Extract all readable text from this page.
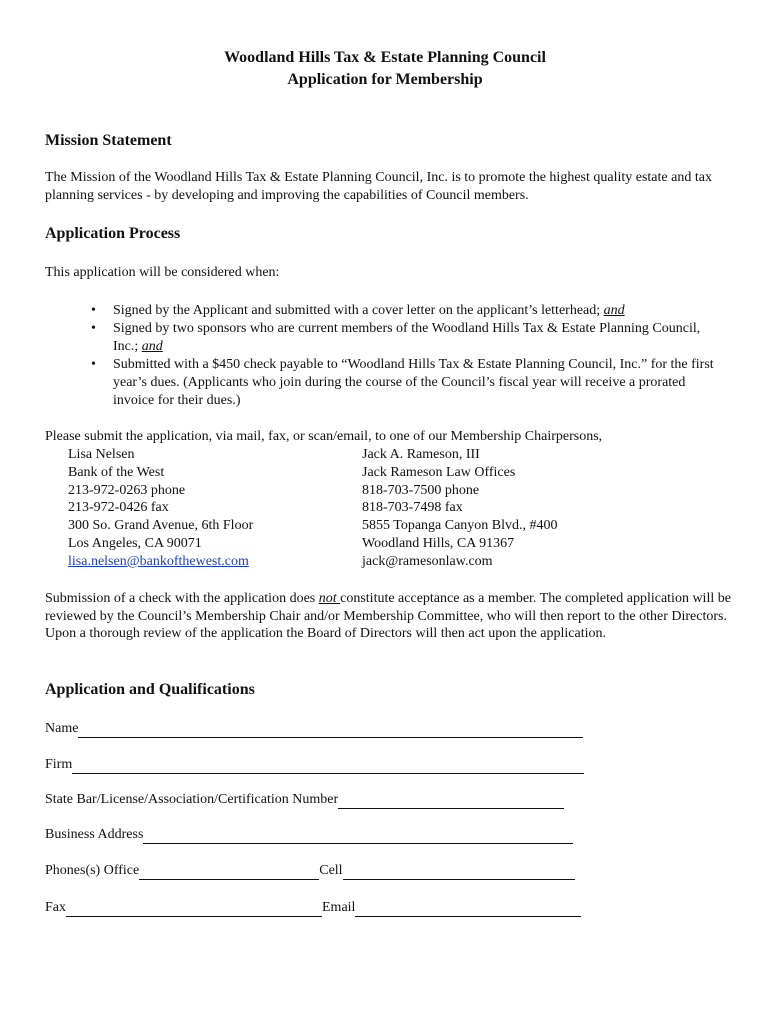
Woodland Hills Tax & Estate Planning Council
Application for Membership
Mission Statement
The Mission of the Woodland Hills Tax & Estate Planning Council, Inc. is to promote the highest quality estate and tax planning services - by developing and improving the capabilities of Council members.
Application Process
This application will be considered when:
• Signed by the Applicant and submitted with a cover letter on the applicant’s letterhead; and
• Signed by two sponsors who are current members of the Woodland Hills Tax & Estate Planning Council, Inc.; and
• Submitted with a $450 check payable to “Woodland Hills Tax & Estate Planning Council, Inc.” for the first year’s dues. (Applicants who join during the course of the Council’s fiscal year will receive a prorated invoice for their dues.)
Please submit the application, via mail, fax, or scan/email, to one of our Membership Chairpersons,
Lisa Nelsen
Bank of the West
213-972-0263 phone
213-972-0426 fax
300 So. Grand Avenue, 6th Floor
Los Angeles, CA 90071
lisa.nelsen@bankofthewest.com
Jack A. Rameson, III
Jack Rameson Law Offices
818-703-7500 phone
818-703-7498 fax
5855 Topanga Canyon Blvd., #400
Woodland Hills, CA 91367
jack@ramesonlaw.com
Submission of a check with the application does not constitute acceptance as a member. The completed application will be reviewed by the Council’s Membership Chair and/or Membership Committee, who will then report to the other Directors. Upon a thorough review of the application the Board of Directors will then act upon the application.
Application and Qualifications
Name
Firm
State Bar/License/Association/Certification Number
Business Address
Phones(s) Office	Cell
Fax	Email
